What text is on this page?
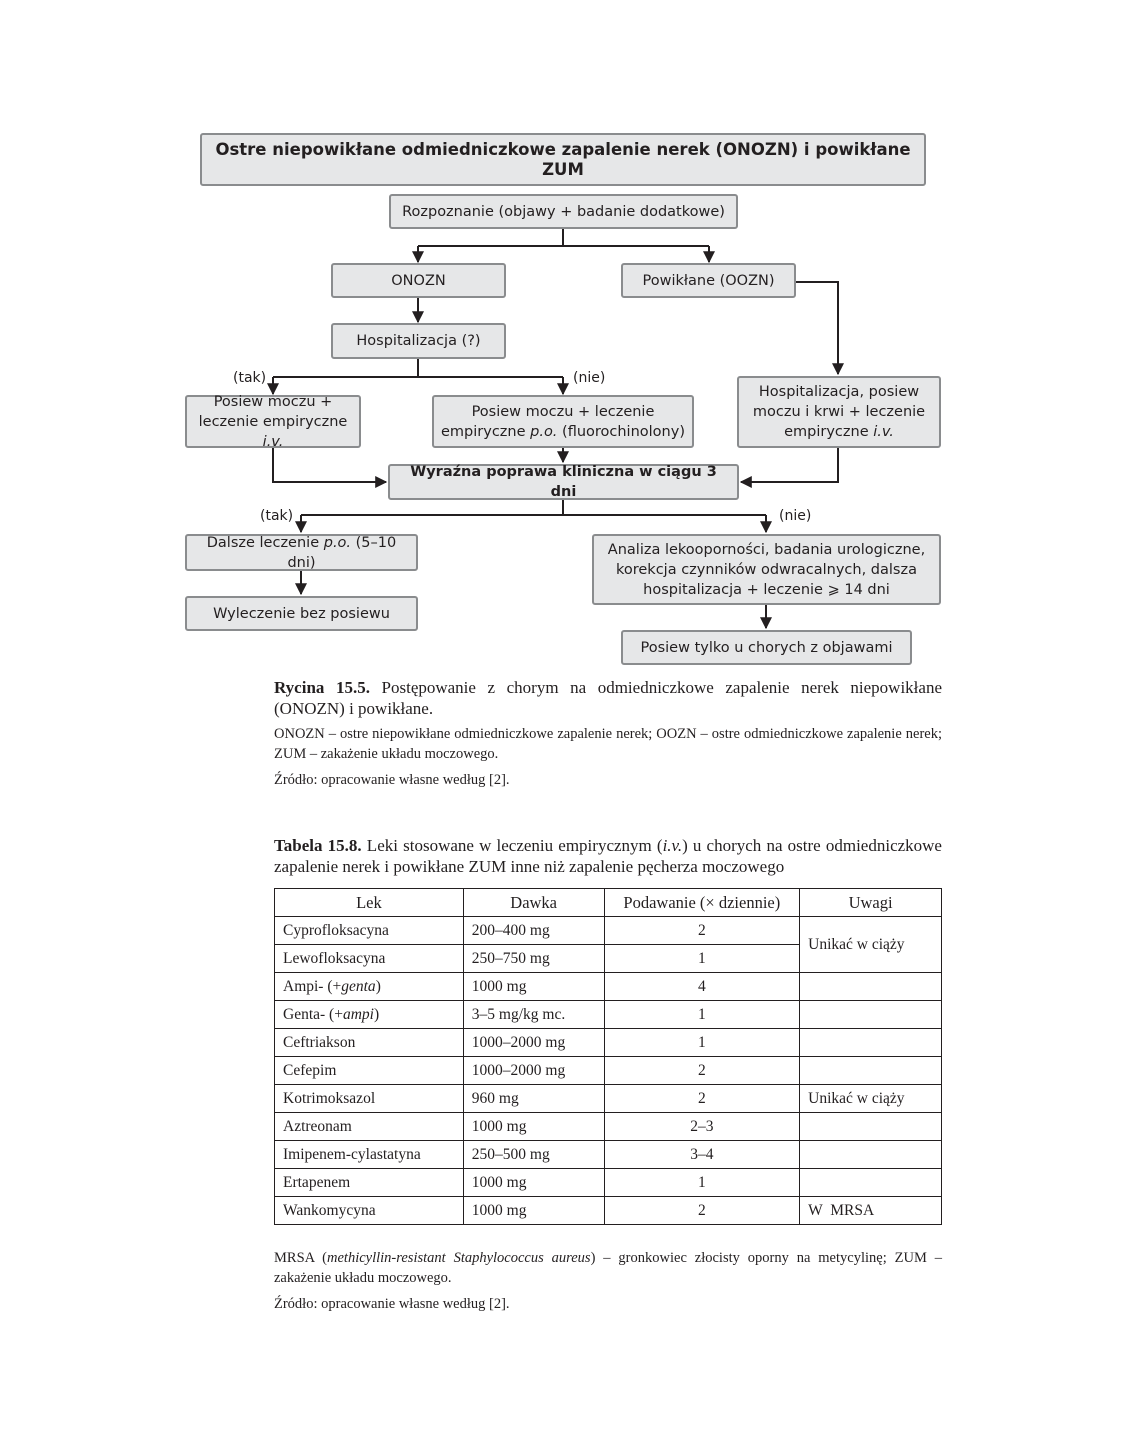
Ostre niepowikłane odmiedniczkowe zapalenie nerek (ONOZN) i powikłane ZUM
Rozpoznanie (objawy + badanie dodatkowe)
ONOZN	Powikłane (OOZN)
Hospitalizacja (?)
(tak)	(nie)
Posiew moczu +
leczenie empiryczne i.v.
Posiew moczu + leczenie
empiryczne p.o. (fluorochinolony)
Hospitalizacja, posiew
moczu i krwi + leczenie
empiryczne i.v.
Wyraźna poprawa kliniczna w ciągu 3 dni
(tak)	(nie)
Dalsze leczenie p.o. (5–10 dni)
Analiza lekooporności, badania urologiczne,
korekcja czynników odwracalnych, dalsza
hospitalizacja + leczenie ⩾ 14 dni
Wyleczenie bez posiewu
Posiew tylko u chorych z objawami
Rycina 15.5. Postępowanie z chorym na odmiedniczkowe zapalenie nerek niepowikłane (ONOZN) i powikłane.
ONOZN – ostre niepowikłane odmiedniczkowe zapalenie nerek; OOZN – ostre odmiedniczkowe zapalenie nerek; ZUM – zakażenie układu moczowego.
Źródło: opracowanie własne według [2].
Tabela 15.8. Leki stosowane w leczeniu empirycznym (i.v.) u chorych na ostre odmiedniczkowe zapalenie nerek i powikłane ZUM inne niż zapalenie pęcherza moczowego
Lek	Dawka	Podawanie (× dziennie)	Uwagi
Cyprofloksacyna	200–400 mg	2	Unikać w ciąży
Lewofloksacyna	250–750 mg	1	
Ampi- (+genta)	1000 mg	4	
Genta- (+ampi)	3–5 mg/kg mc.	1	
Ceftriakson	1000–2000 mg	1	
Cefepim	1000–2000 mg	2	
Kotrimoksazol	960 mg	2	Unikać w ciąży
Aztreonam	1000 mg	2–3	
Imipenem-cylastatyna	250–500 mg	3–4	
Ertapenem	1000 mg	1	
Wankomycyna	1000 mg	2	W  MRSA
MRSA (methicyllin-resistant Staphylococcus aureus) – gronkowiec złocisty oporny na metycylinę; ZUM – zakażenie układu moczowego.
Źródło: opracowanie własne według [2].
